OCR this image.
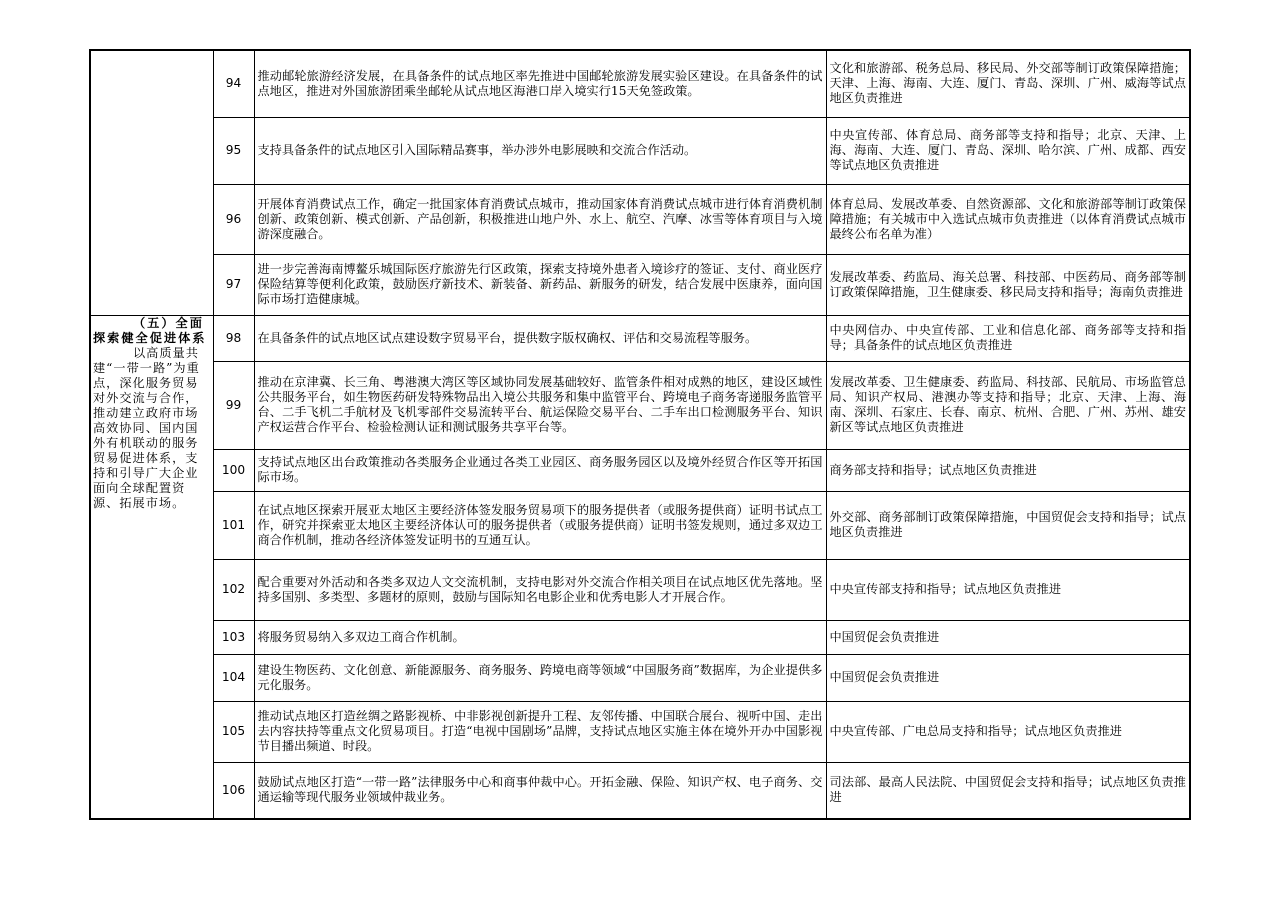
	94	推动邮轮旅游经济发展，在具备条件的试点地区率先推进中国邮轮旅游发展实验区建设。在具备条件的试点地区，推进对外国旅游团乘坐邮轮从试点地区海港口岸入境实行15天免签政策。	文化和旅游部、税务总局、移民局、外交部等制订政策保障措施；天津、上海、海南、大连、厦门、青岛、深圳、广州、威海等试点地区负责推进
	95	支持具备条件的试点地区引入国际精品赛事，举办涉外电影展映和交流合作活动。	中央宣传部、体育总局、商务部等支持和指导；北京、天津、上海、海南、大连、厦门、青岛、深圳、哈尔滨、广州、成都、西安等试点地区负责推进
	96	开展体育消费试点工作，确定一批国家体育消费试点城市，推动国家体育消费试点城市进行体育消费机制创新、政策创新、模式创新、产品创新，积极推进山地户外、水上、航空、汽摩、冰雪等体育项目与入境游深度融合。	体育总局、发展改革委、自然资源部、文化和旅游部等制订政策保障措施；有关城市中入选试点城市负责推进（以体育消费试点城市最终公布名单为准）
	97	进一步完善海南博鳌乐城国际医疗旅游先行区政策，探索支持境外患者入境诊疗的签证、支付、商业医疗保险结算等便利化政策，鼓励医疗新技术、新装备、新药品、新服务的研发，结合发展中医康养，面向国际市场打造健康城。	发展改革委、药监局、海关总署、科技部、中医药局、商务部等制订政策保障措施，卫生健康委、移民局支持和指导；海南负责推进

（五）全面探索健全促进体系
以高质量共建“一带一路”为重点，深化服务贸易对外交流与合作，推动建立政府市场高效协同、国内国外有机联动的服务贸易促进体系，支持和引导广大企业面向全球配置资源、拓展市场。	98	在具备条件的试点地区试点建设数字贸易平台，提供数字版权确权、评估和交易流程等服务。	中央网信办、中央宣传部、工业和信息化部、商务部等支持和指导；具备条件的试点地区负责推进
	99	推动在京津冀、长三角、粤港澳大湾区等区域协同发展基础较好、监管条件相对成熟的地区，建设区域性公共服务平台，如生物医药研发特殊物品出入境公共服务和集中监管平台、跨境电子商务寄递服务监管平台、二手飞机二手航材及飞机零部件交易流转平台、航运保险交易平台、二手车出口检测服务平台、知识产权运营合作平台、检验检测认证和测试服务共享平台等。	发展改革委、卫生健康委、药监局、科技部、民航局、市场监管总局、知识产权局、港澳办等支持和指导；北京、天津、上海、海南、深圳、石家庄、长春、南京、杭州、合肥、广州、苏州、雄安新区等试点地区负责推进
	100	支持试点地区出台政策推动各类服务企业通过各类工业园区、商务服务园区以及境外经贸合作区等开拓国际市场。	商务部支持和指导；试点地区负责推进
	101	在试点地区探索开展亚太地区主要经济体签发服务贸易项下的服务提供者（或服务提供商）证明书试点工作，研究并探索亚太地区主要经济体认可的服务提供者（或服务提供商）证明书签发规则，通过多双边工商合作机制，推动各经济体签发证明书的互通互认。	外交部、商务部制订政策保障措施，中国贸促会支持和指导；试点地区负责推进
	102	配合重要对外活动和各类多双边人文交流机制，支持电影对外交流合作相关项目在试点地区优先落地。坚持多国别、多类型、多题材的原则，鼓励与国际知名电影企业和优秀电影人才开展合作。	中央宣传部支持和指导；试点地区负责推进
	103	将服务贸易纳入多双边工商合作机制。	中国贸促会负责推进
	104	建设生物医药、文化创意、新能源服务、商务服务、跨境电商等领域“中国服务商”数据库，为企业提供多元化服务。	中国贸促会负责推进
	105	推动试点地区打造丝绸之路影视桥、中非影视创新提升工程、友邻传播、中国联合展台、视听中国、走出去内容扶持等重点文化贸易项目。打造“电视中国剧场”品牌，支持试点地区实施主体在境外开办中国影视节目播出频道、时段。	中央宣传部、广电总局支持和指导；试点地区负责推进
	106	鼓励试点地区打造“一带一路”法律服务中心和商事仲裁中心。开拓金融、保险、知识产权、电子商务、交通运输等现代服务业领域仲裁业务。	司法部、最高人民法院、中国贸促会支持和指导；试点地区负责推进
